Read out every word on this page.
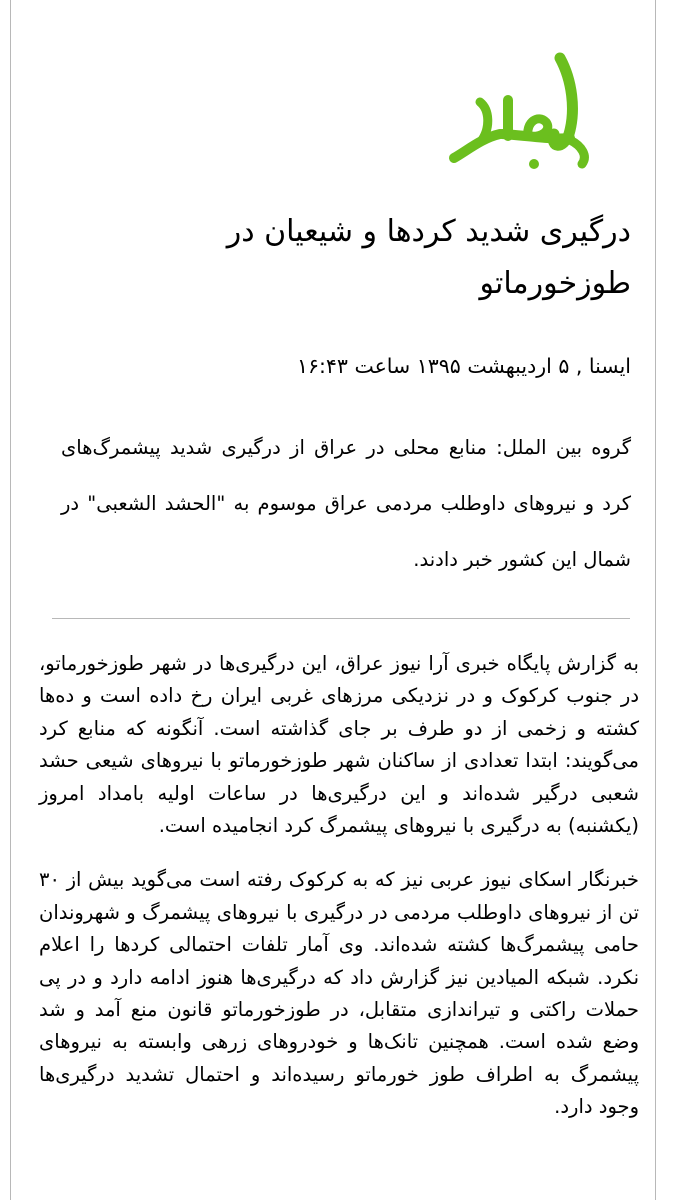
درگیری شدید کردها و شیعیان در طوزخورماتو
ایسنا , ۵ اردیبهشت ۱۳۹۵ ساعت ۱۶:۴۳
گروه بین الملل: منابع محلی در عراق از درگیری شدید پیشمرگ‌های کرد و نیروهای داوطلب مردمی عراق موسوم به "الحشد الشعبی" در شمال این کشور خبر دادند.

به گزارش پایگاه خبری آرا نیوز عراق، این درگیری‌ها در شهر طوزخورماتو، در جنوب کرکوک و در نزدیکی مرزهای غربی ایران رخ داده است و ده‌ها کشته و زخمی از دو طرف بر جای گذاشته است. آنگونه که منابع کرد می‌گویند: ابتدا تعدادی از ساکنان شهر طوزخورماتو با نیروهای شیعی حشد شعبی درگیر شده‌اند و این درگیری‌ها در ساعات اولیه بامداد امروز (یکشنبه) به درگیری با نیروهای پیشمرگ کرد انجامیده است.

خبرنگار اسکای نیوز عربی نیز که به کرکوک رفته است می‌گوید بیش از ۳۰ تن از نیروهای داوطلب مردمی در درگیری با نیروهای پیشمرگ و شهروندان حامی پیشمرگ‌ها کشته شده‌اند. وی آمار تلفات احتمالی کردها را اعلام نکرد. شبکه المیادین نیز گزارش داد که درگیری‌ها هنوز ادامه دارد و در پی حملات راکتی و تیراندازی متقابل، در طوزخورماتو قانون منع آمد و شد وضع شده است. همچنین تانک‌ها و خودروهای زرهی وابسته به نیروهای پیشمرگ به اطراف طوز خورماتو رسیده‌اند و احتمال تشدید درگیری‌ها وجود دارد.
